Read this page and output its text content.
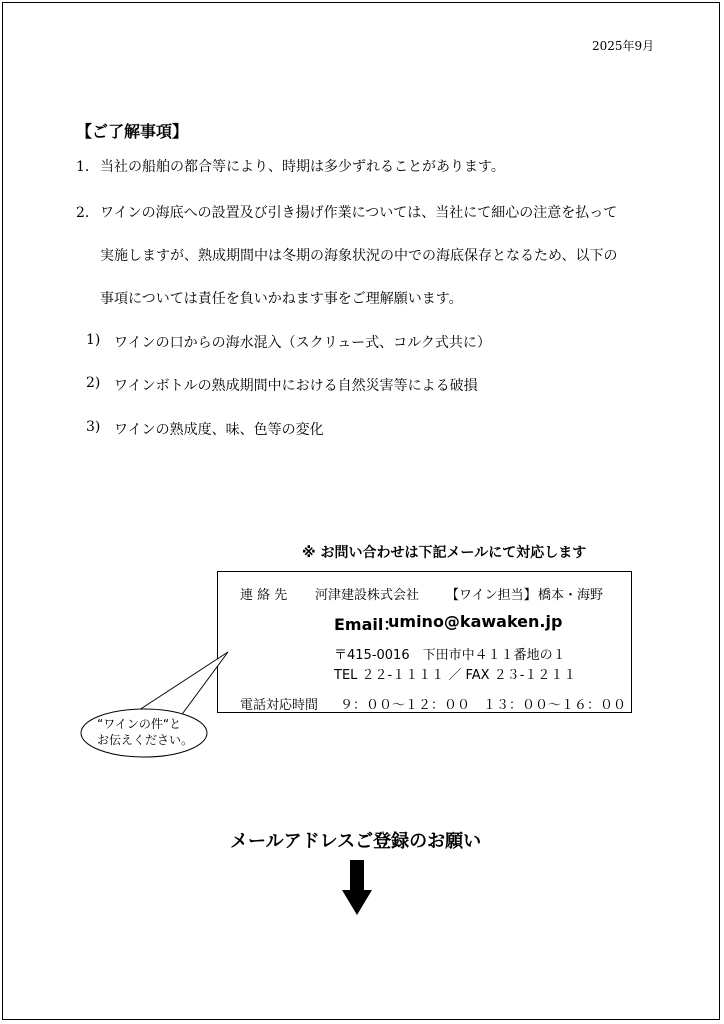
2025年9月
【ご了解事項】
1． 当社の船舶の都合等により、時期は多少ずれることがあります。
2． ワインの海底への設置及び引き揚げ作業については、当社にて細心の注意を払って
実施しますが、熟成期間中は冬期の海象状況の中での海底保存となるため、以下の
事項については責任を負いかねます事をご理解願います。
1) ワインの口からの海水混入（スクリュー式、コルク式共に）
2) ワインボトルの熟成期間中における自然災害等による破損
3) ワインの熟成度、味、色等の変化
※ お問い合わせは下記メールにて対応します
連 絡 先 河津建設株式会社 【ワイン担当】 橋本・海野
Email：
umino@kawaken.jp
〒415-0016　下田市中４１１番地の１
TEL ２２-１１１１ ／ FAX ２３-１２１１
電話対応時間 ９：００～１２：００　１３：００～１６：００
“ワインの件“と
お伝えください。
メールアドレスご登録のお願い
